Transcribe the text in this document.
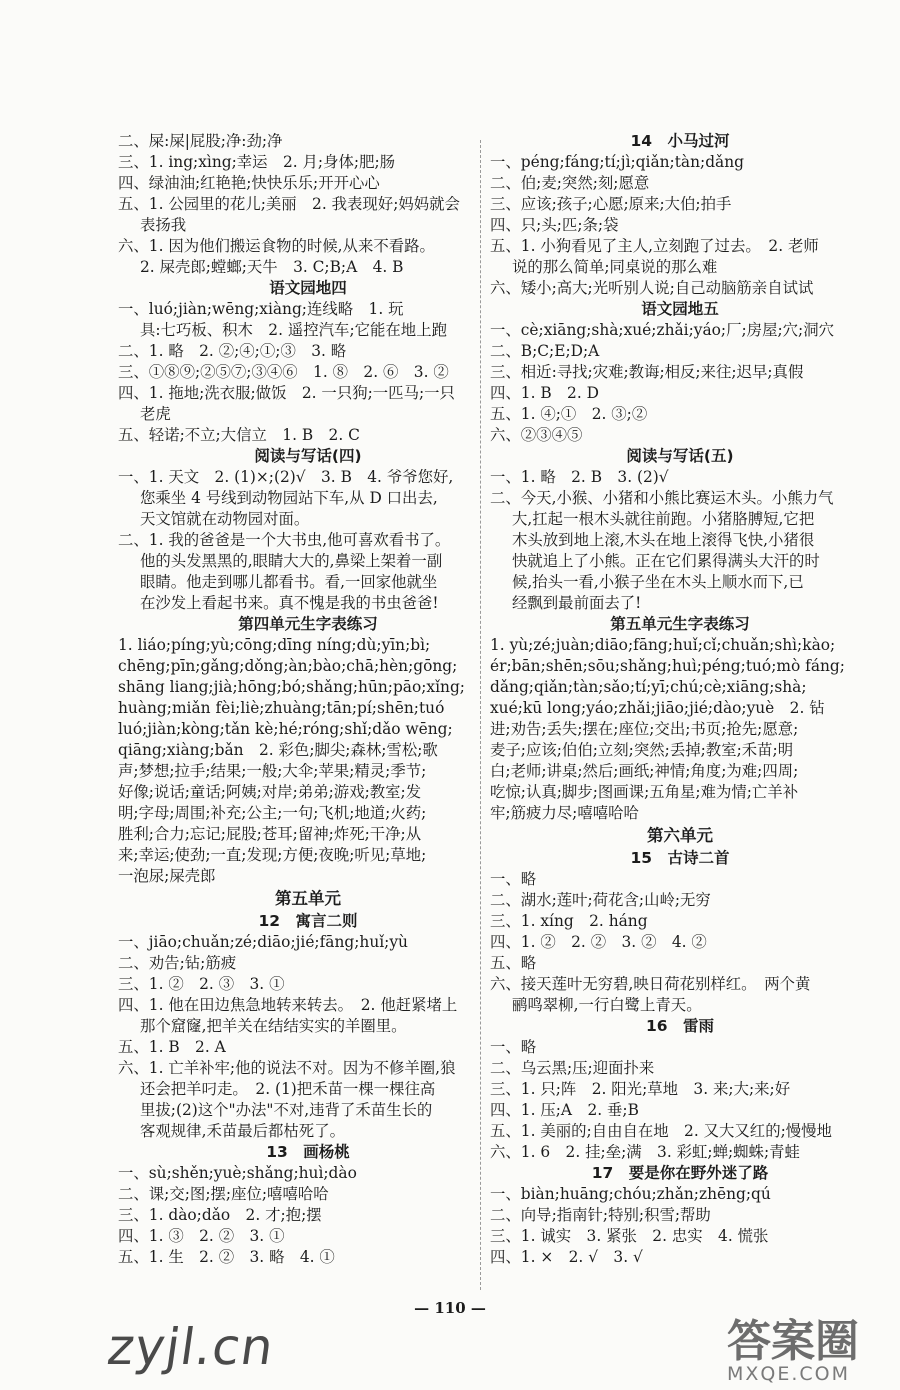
二、屎:屎|屁股;净:劲;净
三、1. ing;xìng;幸运　2. 月;身体;肥;肠
四、绿油油;红艳艳;快快乐乐;开开心心
五、1. 公园里的花儿;美丽　2. 我表现好;妈妈就会
表扬我
六、1. 因为他们搬运食物的时候,从来不看路。
2. 屎壳郎;螳螂;天牛　3. C;B;A　4. B
语文园地四
一、luó;jiàn;wēng;xiàng;连线略　1. 玩
具:七巧板、积木　2. 遥控汽车;它能在地上跑
二、1. 略　2. ②;④;①;③　3. 略
三、①⑧⑨;②⑤⑦;③④⑥　1. ⑧　2. ⑥　3. ②
四、1. 拖地;洗衣服;做饭　2. 一只狗;一匹马;一只
老虎
五、轻诺;不立;大信立　1. B　2. C
阅读与写话(四)
一、1. 天文　2. (1)×;(2)√　3. B　4. 爷爷您好,
您乘坐 4 号线到动物园站下车,从 D 口出去,
天文馆就在动物园对面。
二、1. 我的爸爸是一个大书虫,他可喜欢看书了。
他的头发黑黑的,眼睛大大的,鼻梁上架着一副
眼睛。他走到哪儿都看书。看,一回家他就坐
在沙发上看起书来。真不愧是我的书虫爸爸!
第四单元生字表练习
1. liáo;píng;yù;cōng;dīng níng;dù;yīn;bì;
chēng;pīn;gǎng;dǒng;àn;bào;chā;hèn;gōng;
shāng liang;jià;hōng;bó;shǎng;hūn;pāo;xǐng;
huàng;miǎn fèi;liè;zhuàng;tān;pí;shēn;tuó
luó;jiàn;kòng;tǎn kè;hé;róng;shǐ;dǎo wēng;
qiāng;xiàng;bǎn　2. 彩色;脚尖;森林;雪松;歌
声;梦想;拉手;结果;一般;大伞;苹果;精灵;季节;
好像;说话;童话;阿姨;对岸;弟弟;游戏;教室;发
明;字母;周围;补充;公主;一句;飞机;地道;火药;
胜利;合力;忘记;屁股;苍耳;留神;炸死;干净;从
来;幸运;使劲;一直;发现;方便;夜晚;听见;草地;
一泡尿;屎壳郎
第五单元
12　寓言二则
一、jiāo;chuǎn;zé;diāo;jié;fāng;huǐ;yù
二、劝告;钻;筋疲
三、1. ②　2. ③　3. ①
四、1. 他在田边焦急地转来转去。　2. 他赶紧堵上
那个窟窿,把羊关在结结实实的羊圈里。
五、1. B　2. A
六、1. 亡羊补牢;他的说法不对。因为不修羊圈,狼
还会把羊叼走。　2. (1)把禾苗一棵一棵往高
里拔;(2)这个"办法"不对,违背了禾苗生长的
客观规律,禾苗最后都枯死了。
13　画杨桃
一、sù;shěn;yuè;shǎng;huì;dào
二、课;交;图;摆;座位;嘻嘻哈哈
三、1. dào;dǎo　2. 才;抱;摆
四、1. ③　2. ②　3. ①
五、1. 生　2. ②　3. 略　4. ①
14　小马过河
一、péng;fáng;tí;jì;qiǎn;tàn;dǎng
二、伯;麦;突然;刻;愿意
三、应该;孩子;心愿;原来;大伯;拍手
四、只;头;匹;条;袋
五、1. 小狗看见了主人,立刻跑了过去。　2. 老师
说的那么简单;同桌说的那么难
六、矮小;高大;光听别人说;自己动脑筋亲自试试
语文园地五
一、cè;xiāng;shà;xué;zhǎi;yáo;厂;房屋;穴;洞穴
二、B;C;E;D;A
三、相近:寻找;灾难;教诲;相反;来往;迟早;真假
四、1. B　2. D
五、1. ④;①　2. ③;②
六、②③④⑤
阅读与写话(五)
一、1. 略　2. B　3. (2)√
二、今天,小猴、小猪和小熊比赛运木头。小熊力气
大,扛起一根木头就往前跑。小猪胳膊短,它把
木头放到地上滚,木头在地上滚得飞快,小猪很
快就追上了小熊。正在它们累得满头大汗的时
候,抬头一看,小猴子坐在木头上顺水而下,已
经飘到最前面去了!
第五单元生字表练习
1. yù;zé;juàn;diāo;fāng;huǐ;cǐ;chuǎn;shì;kào;
ér;bān;shēn;sōu;shǎng;huì;péng;tuó;mò fáng;
dǎng;qiǎn;tàn;sǎo;tí;yī;chú;cè;xiāng;shà;
xué;kū long;yáo;zhǎi;jiāo;jié;dào;yuè　2. 钻
进;劝告;丢失;摆在;座位;交出;书页;抢先;愿意;
麦子;应该;伯伯;立刻;突然;丢掉;教室;禾苗;明
白;老师;讲桌;然后;画纸;神情;角度;为难;四周;
吃惊;认真;脚步;图画课;五角星;难为情;亡羊补
牢;筋疲力尽;嘻嘻哈哈
第六单元
15　古诗二首
一、略
二、湖水;莲叶;荷花含;山岭;无穷
三、1. xíng　2. háng
四、1. ②　2. ②　3. ②　4. ②
五、略
六、接天莲叶无穷碧,映日荷花别样红。　两个黄
鹂鸣翠柳,一行白鹭上青天。
16　雷雨
一、略
二、乌云黑;压;迎面扑来
三、1. 只;阵　2. 阳光;草地　3. 来;大;来;好
四、1. 压;A　2. 垂;B
五、1. 美丽的;自由自在地　2. 又大又红的;慢慢地
六、1. 6　2. 挂;垒;满　3. 彩虹;蝉;蜘蛛;青蛙
17　要是你在野外迷了路
一、biàn;huāng;chóu;zhǎn;zhēng;qú
二、向导;指南针;特别;积雪;帮助
三、1. 诚实　3. 紧张　2. 忠实　4. 慌张
四、1. ×　2. √　3. √
— 110 —
zyjl.cn	答案圈
MXQE.COM
